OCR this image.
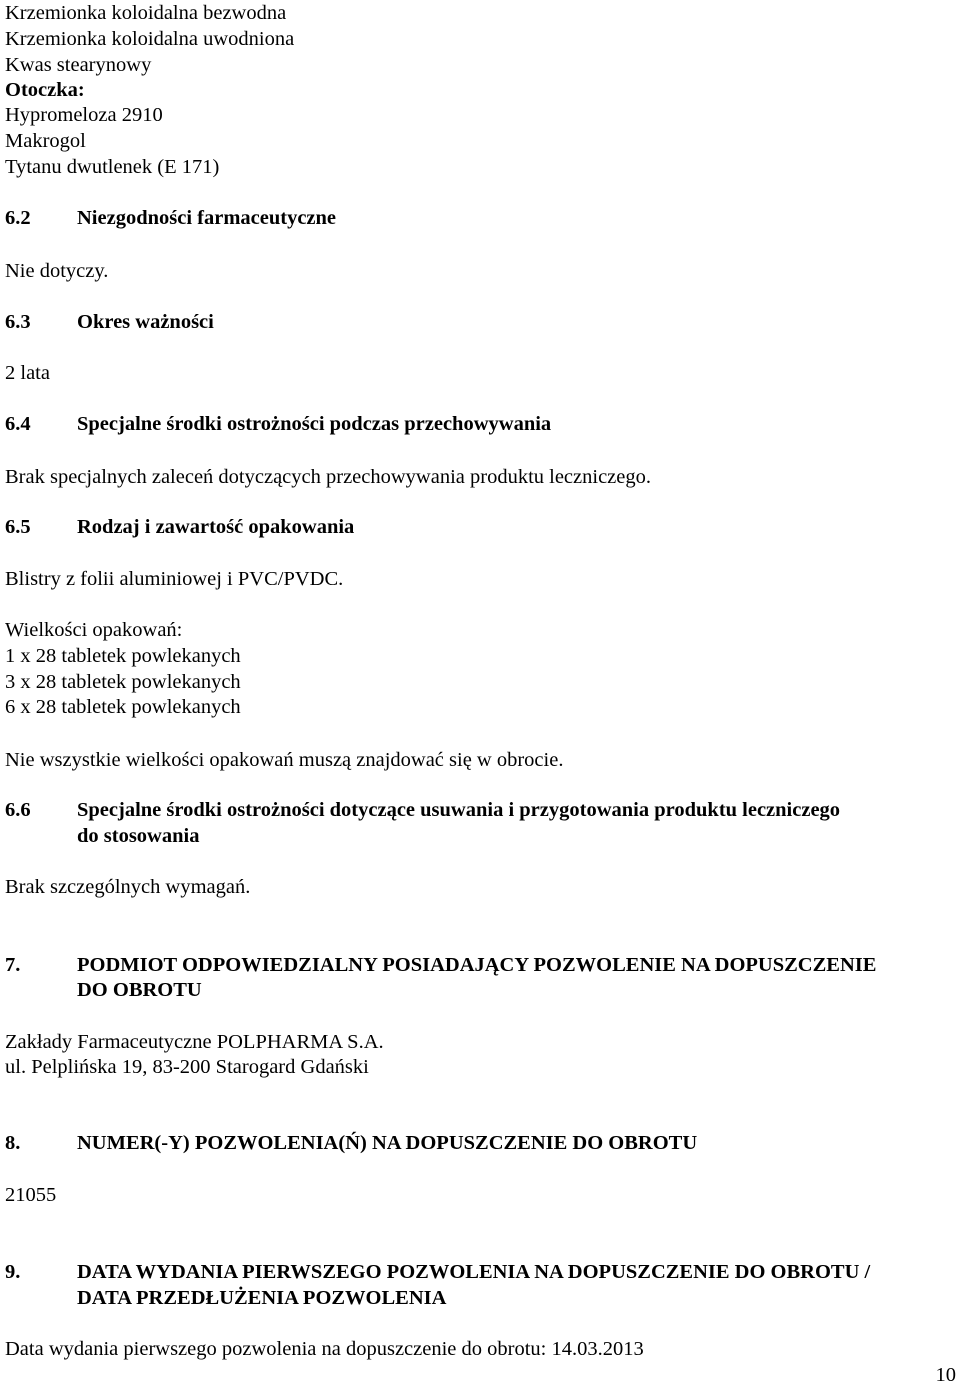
Krzemionka koloidalna bezwodna
Krzemionka koloidalna uwodniona
Kwas stearynowy
Otoczka:
Hypromeloza 2910
Makrogol
Tytanu dwutlenek (E 171)
6.2 Niezgodności farmaceutyczne
Nie dotyczy.
6.3 Okres ważności
2 lata
6.4 Specjalne środki ostrożności podczas przechowywania
Brak specjalnych zaleceń dotyczących przechowywania produktu leczniczego.
6.5 Rodzaj i zawartość opakowania
Blistry z folii aluminiowej i PVC/PVDC.
Wielkości opakowań:
1 x 28 tabletek powlekanych
3 x 28 tabletek powlekanych
6 x 28 tabletek powlekanych
Nie wszystkie wielkości opakowań muszą znajdować się w obrocie.
6.6 Specjalne środki ostrożności dotyczące usuwania i przygotowania produktu leczniczego
do stosowania
Brak szczególnych wymagań.
7.	PODMIOT ODPOWIEDZIALNY POSIADAJĄCY POZWOLENIE NA DOPUSZCZENIE
DO OBROTU
Zakłady Farmaceutyczne POLPHARMA S.A.
ul. Pelplińska 19, 83-200 Starogard Gdański
8.	NUMER(-Y) POZWOLENIA(Ń) NA DOPUSZCZENIE DO OBROTU
21055
9.	DATA WYDANIA PIERWSZEGO POZWOLENIA NA DOPUSZCZENIE DO OBROTU /
DATA PRZEDŁUŻENIA POZWOLENIA
Data wydania pierwszego pozwolenia na dopuszczenie do obrotu: 14.03.2013
10
